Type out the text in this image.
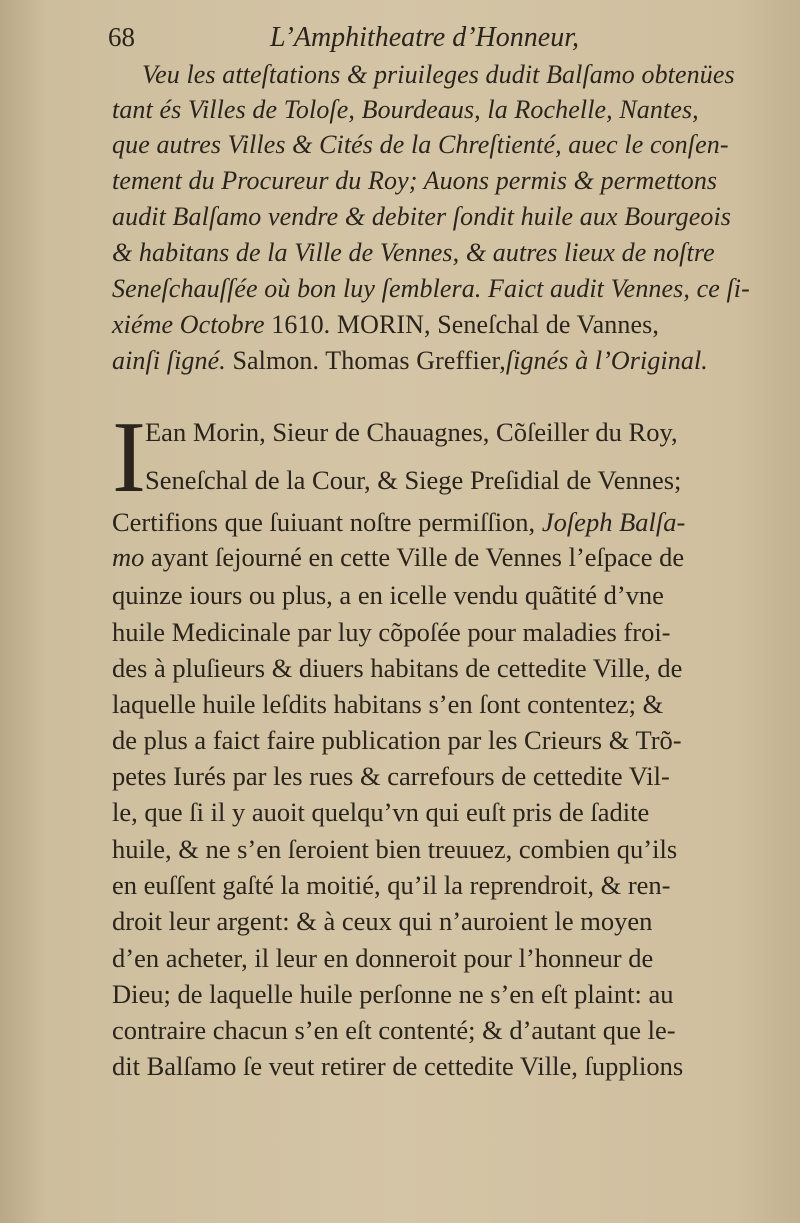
68	L’Amphitheatre d’Honneur,
Veu les atteſtations & priuileges dudit Balſamo obtenües
tant és Villes de Toloſe, Bourdeaus, la Rochelle, Nantes,
que autres Villes & Cités de la Chreſtienté, auec le conſen-
tement du Procureur du Roy; Auons permis & permettons
audit Balſamo vendre & debiter ſondit huile aux Bourgeois
& habitans de la Ville de Vennes, & autres lieux de noſtre
Seneſchauſſée où bon luy ſemblera. Faict audit Vennes, ce ſi-
xiéme Octobre 1610. MORIN, Seneſchal de Vannes,
ainſi ſigné. Salmon. Thomas Greffier,ſignés à l’Original.
I Ean Morin, Sieur de Chauagnes, Cõſeiller du Roy,
Seneſchal de la Cour, & Siege Preſidial de Vennes;
Certifions que ſuiuant noſtre permiſſion, Joſeph Balſa-
mo ayant ſejourné en cette Ville de Vennes l’eſpace de
quinze iours ou plus, a en icelle vendu quãtité d’vne
huile Medicinale par luy cõpoſée pour maladies froi-
des à pluſieurs & diuers habitans de cettedite Ville, de
laquelle huile leſdits habitans s’en ſont contentez; &
de plus a faict faire publication par les Crieurs & Trõ-
petes Iurés par les rues & carrefours de cettedite Vil-
le, que ſi il y auoit quelqu’vn qui euſt pris de ſadite
huile, & ne s’en ſeroient bien treuuez, combien qu’ils
en euſſent gaſté la moitié, qu’il la reprendroit, & ren-
droit leur argent: & à ceux qui n’auroient le moyen
d’en acheter, il leur en donneroit pour l’honneur de
Dieu; de laquelle huile perſonne ne s’en eſt plaint: au
contraire chacun s’en eſt contenté; & d’autant que le-
dit Balſamo ſe veut retirer de cettedite Ville, ſupplions
